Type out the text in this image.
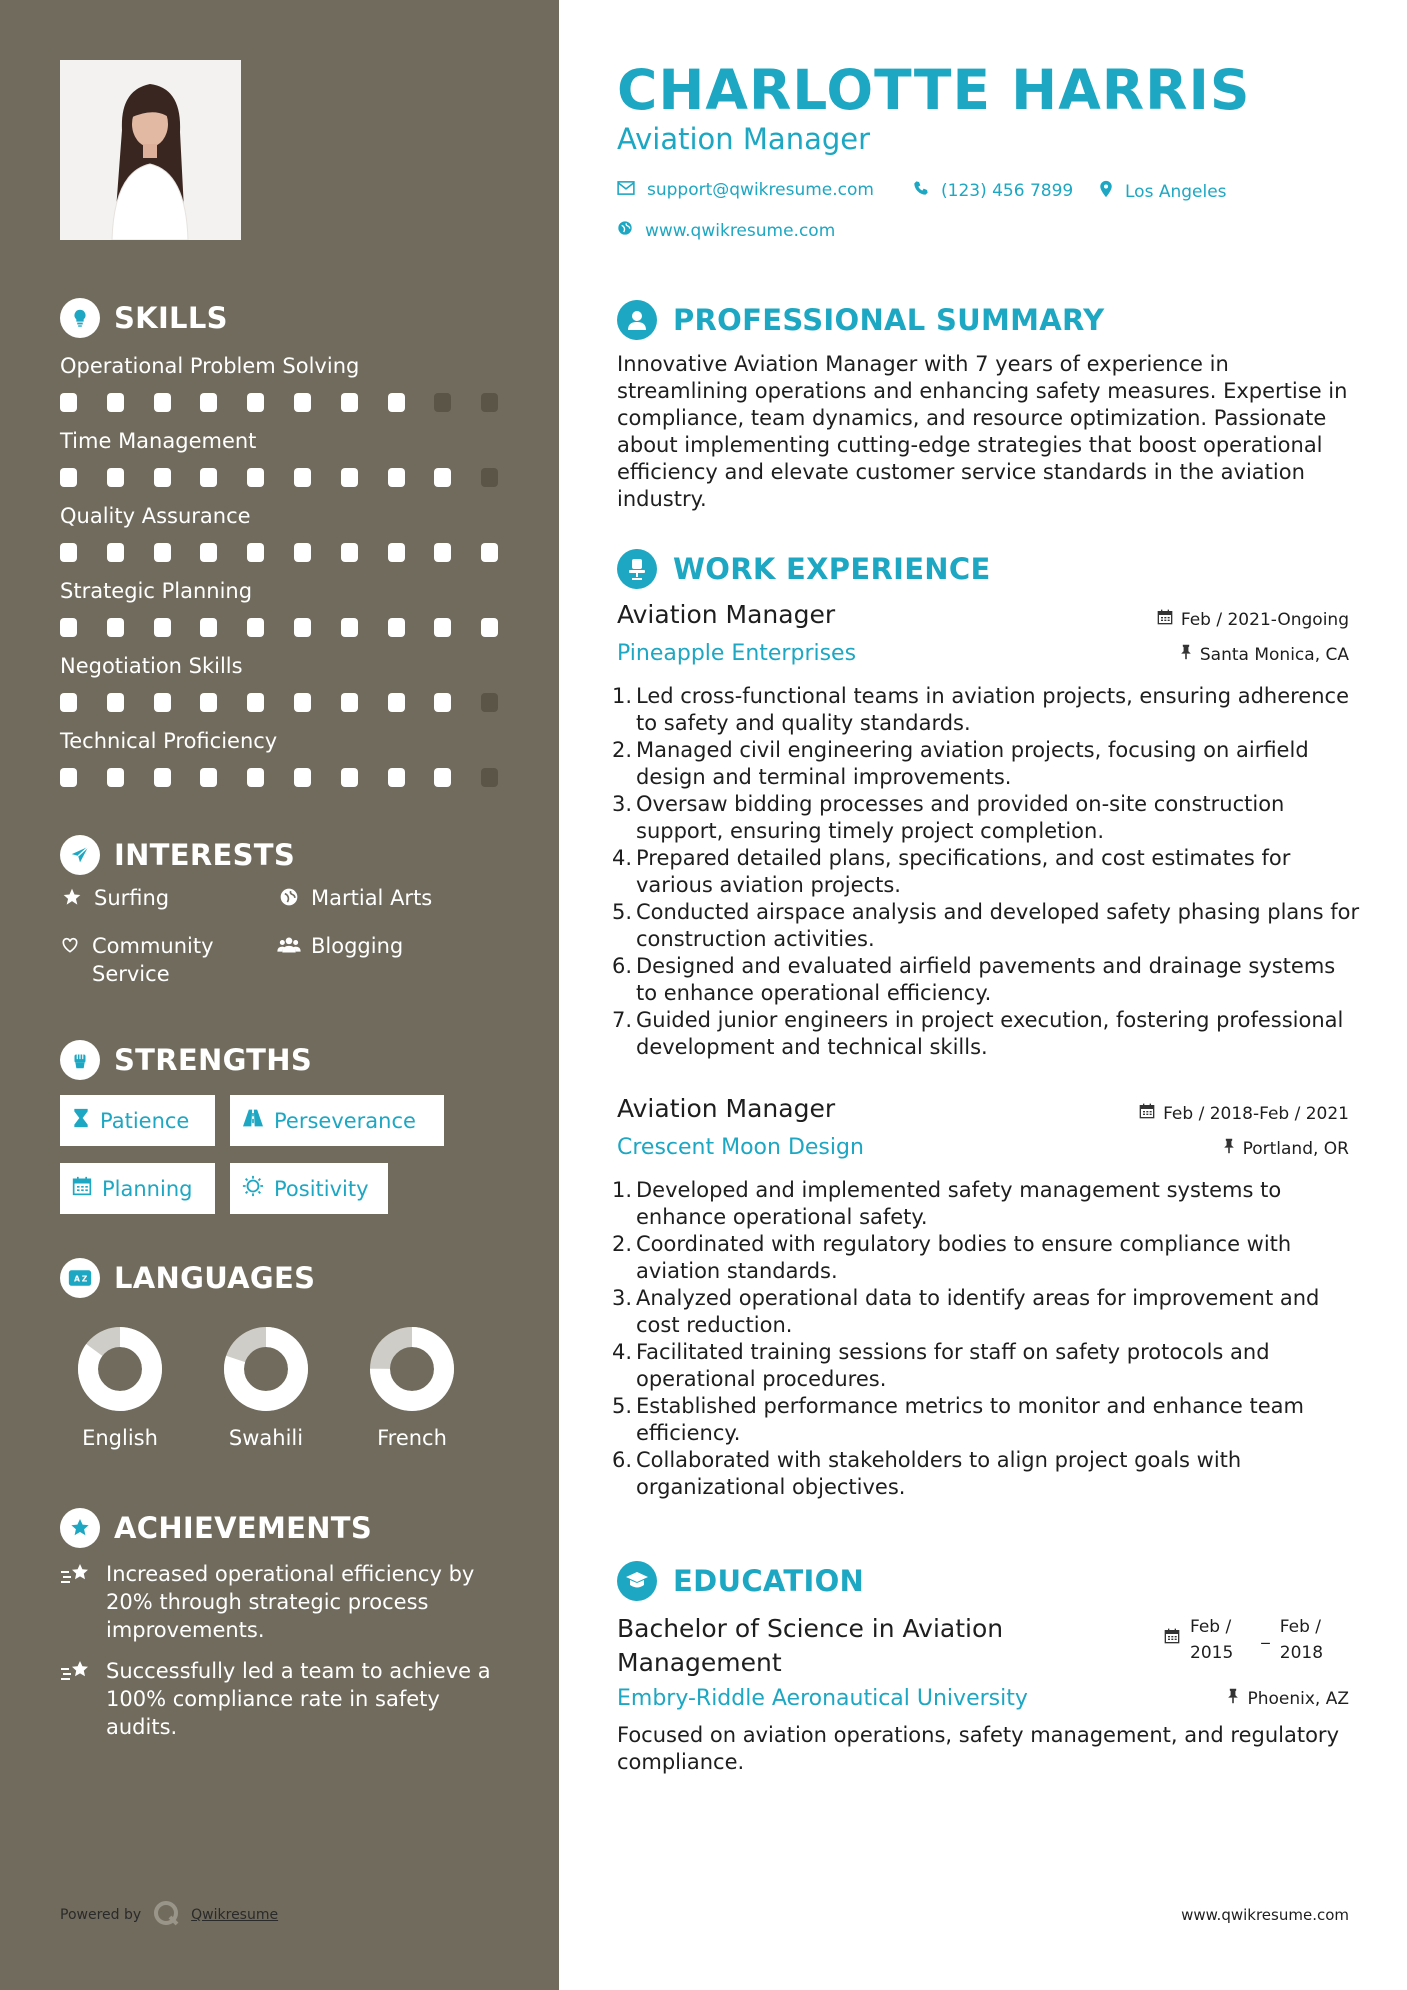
SKILLS
Operational Problem Solving
Time Management
Quality Assurance
Strategic Planning
Negotiation Skills
Technical Proficiency
INTERESTS
Surfing	Martial Arts
Community Service
Blogging
STRENGTHS
Patience	Perseverance
Planning	Positivity
A Z LANGUAGES
English	Swahili	French
ACHIEVEMENTS
Increased operational efficiency by 20% through strategic process improvements.
Successfully led a team to achieve a 100% compliance rate in safety audits.
Powered by	Qwikresume
CHARLOTTE HARRIS
Aviation Manager
support@qwikresume.com	(123) 456 7899	Los Angeles
www.qwikresume.com
PROFESSIONAL SUMMARY
Innovative Aviation Manager with 7 years of experience in streamlining operations and enhancing safety measures. Expertise in compliance, team dynamics, and resource optimization. Passionate about implementing cutting-edge strategies that boost operational efficiency and elevate customer service standards in the aviation industry.
WORK EXPERIENCE
Aviation Manager
Pineapple Enterprises
Feb / 2021-Ongoing
Santa Monica, CA
1. Led cross-functional teams in aviation projects, ensuring adherence to safety and quality standards.
2. Managed civil engineering aviation projects, focusing on airfield design and terminal improvements.
3. Oversaw bidding processes and provided on-site construction support, ensuring timely project completion.
4. Prepared detailed plans, specifications, and cost estimates for various aviation projects.
5. Conducted airspace analysis and developed safety phasing plans for construction activities.
6. Designed and evaluated airfield pavements and drainage systems to enhance operational efficiency.
7. Guided junior engineers in project execution, fostering professional development and technical skills.
Aviation Manager
Crescent Moon Design
Feb / 2018-Feb / 2021
Portland, OR
1. Developed and implemented safety management systems to enhance operational safety.
2. Coordinated with regulatory bodies to ensure compliance with aviation standards.
3. Analyzed operational data to identify areas for improvement and cost reduction.
4. Facilitated training sessions for staff on safety protocols and operational procedures.
5. Established performance metrics to monitor and enhance team efficiency.
6. Collaborated with stakeholders to align project goals with organizational objectives.
EDUCATION
Bachelor of Science in Aviation
Management
Embry-Riddle Aeronautical University
Feb /
2015
_ Feb /
2018
Phoenix, AZ
Focused on aviation operations, safety management, and regulatory compliance.
www.qwikresume.com
